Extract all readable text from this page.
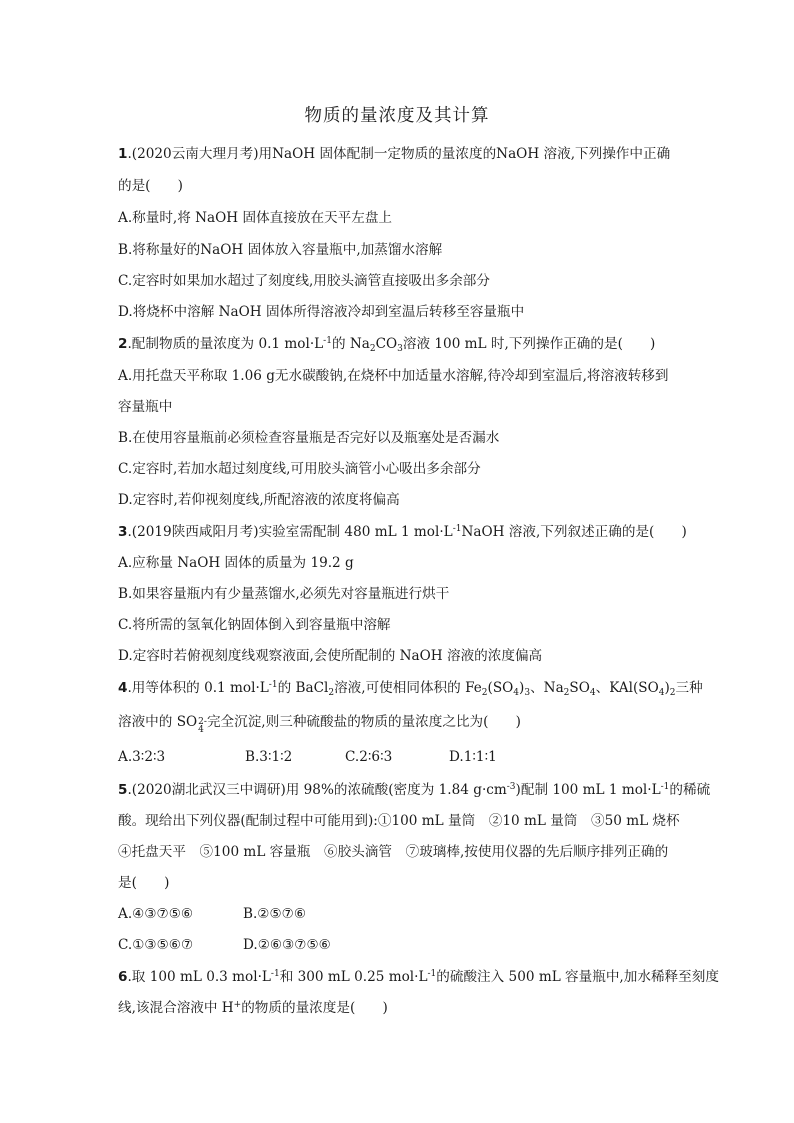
物质的量浓度及其计算
1.(2020云南大理月考)用NaOH 固体配制一定物质的量浓度的NaOH 溶液,下列操作中正确
的是(　　)
A.称量时,将 NaOH 固体直接放在天平左盘上
B.将称量好的NaOH 固体放入容量瓶中,加蒸馏水溶解
C.定容时如果加水超过了刻度线,用胶头滴管直接吸出多余部分
D.将烧杯中溶解 NaOH 固体所得溶液冷却到室温后转移至容量瓶中
2.配制物质的量浓度为 0.1 $mol\cdot L^{-1}$的 $Na_2CO_3$溶液 100 mL 时,下列操作正确的是(　　)
A.用托盘天平称取 1.06 g无水碳酸钠,在烧杯中加适量水溶解,待冷却到室温后,将溶液转移到
容量瓶中
B.在使用容量瓶前必须检查容量瓶是否完好以及瓶塞处是否漏水
C.定容时,若加水超过刻度线,可用胶头滴管小心吸出多余部分
D.定容时,若仰视刻度线,所配溶液的浓度将偏高
3.(2019陕西咸阳月考)实验室需配制 480 mL 1 $mol\cdot L^{-1}NaOH$ 溶液,下列叙述正确的是(　　)
A.应称量 NaOH 固体的质量为 19.2 g
B.如果容量瓶内有少量蒸馏水,必须先对容量瓶进行烘干
C.将所需的氢氧化钠固体倒入到容量瓶中溶解
D.定容时若俯视刻度线观察液面,会使所配制的 NaOH 溶液的浓度偏高
4.用等体积的 0.1 $mol\cdot L^{-1}$的 BaCl$_2$溶液,可使相同体积的 $Fe_2(SO_4)_3$、$Na_2SO_4$、$KAl(SO_4)_2$三种
溶液中的 SO 2-
4 完全沉淀,则三种硫酸盐的物质的量浓度之比为(　　)
A.3∶2∶3	B.3∶1∶2	C.2∶6∶3	D.1∶1∶1
5.(2020湖北武汉三中调研)用 98%的浓硫酸(密度为 1.84 $g\cdot cm^{-3}$)配制 100 mL 1 $mol\cdot L^{-1}$的稀硫
酸。现给出下列仪器(配制过程中可能用到):①100 mL 量筒　②10 mL 量筒　③50 mL 烧杯
④托盘天平　⑤100 mL 容量瓶　⑥胶头滴管　⑦玻璃棒,按使用仪器的先后顺序排列正确的
是(　　)
A.④③⑦⑤⑥	B.②⑤⑦⑥
C.①③⑤⑥⑦	D.②⑥③⑦⑤⑥
6.取 100 mL 0.3 $mol\cdot L^{-1}$和 300 mL 0.25 $mol\cdot L^{-1}$的硫酸注入 500 mL 容量瓶中,加水稀释至刻度
线,该混合溶液中 H+的物质的量浓度是(　　)
